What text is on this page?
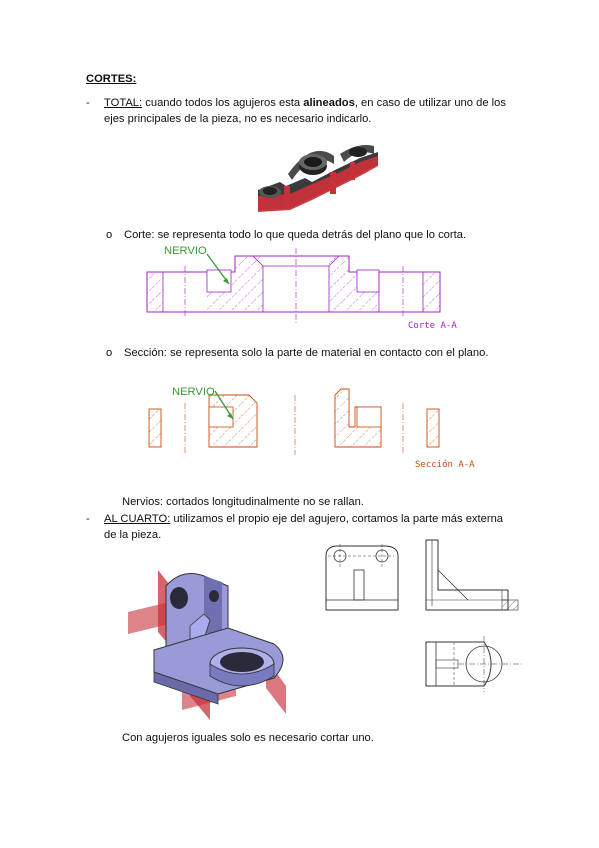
CORTES:
- TOTAL: cuando todos los agujeros esta alineados, en caso de utilizar uno de los
ejes principales de la pieza, no es necesario indicarlo.
o Corte: se representa todo lo que queda detrás del plano que lo corta.
NERVIO
Corte A-A
o Sección: se representa solo la parte de material en contacto con el plano.
NERVIO
Sección A-A
Nervios: cortados longitudinalmente no se rallan.
- AL CUARTO: utilizamos el propio eje del agujero, cortamos la parte más externa
de la pieza.
Con agujeros iguales solo es necesario cortar uno.
